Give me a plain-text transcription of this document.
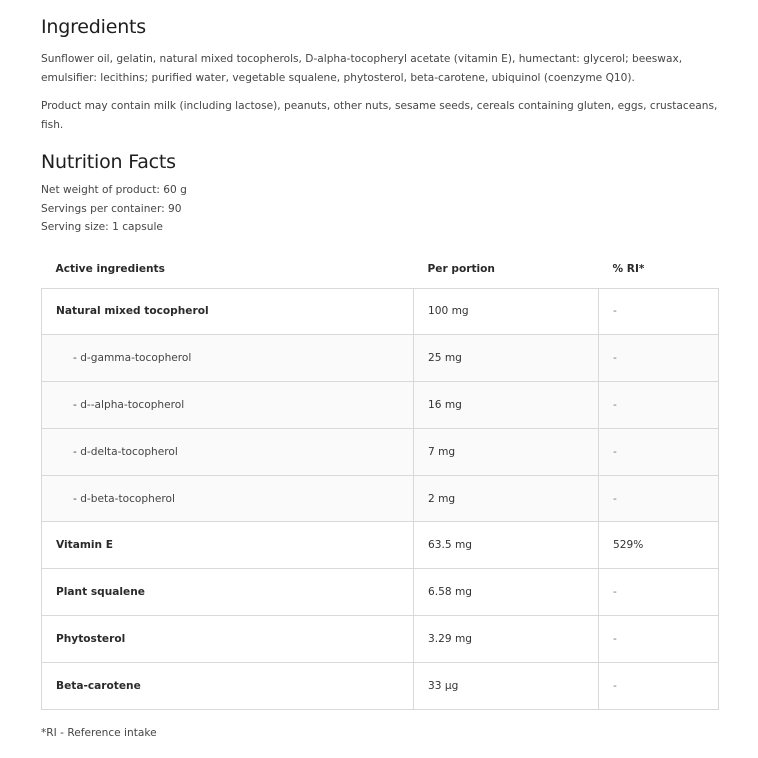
Ingredients

Sunflower oil, gelatin, natural mixed tocopherols, D-alpha-tocopheryl acetate (vitamin E), humectant: glycerol; beeswax, emulsifier: lecithins; purified water, vegetable squalene, phytosterol, beta-carotene, ubiquinol (coenzyme Q10).

Product may contain milk (including lactose), peanuts, other nuts, sesame seeds, cereals containing gluten, eggs, crustaceans, fish.

Nutrition Facts
Net weight of product: 60 g
Servings per container: 90
Serving size: 1 capsule
Active ingredients	Per portion	% RI*
Natural mixed tocopherol	100 mg	-
- d-gamma-tocopherol	25 mg	-
- d--alpha-tocopherol	16 mg	-
- d-delta-tocopherol	7 mg	-
- d-beta-tocopherol	2 mg	-
Vitamin E	63.5 mg	529%
Plant squalene	6.58 mg	-
Phytosterol	3.29 mg	-
Beta-carotene	33 µg	-
*RI - Reference intake
